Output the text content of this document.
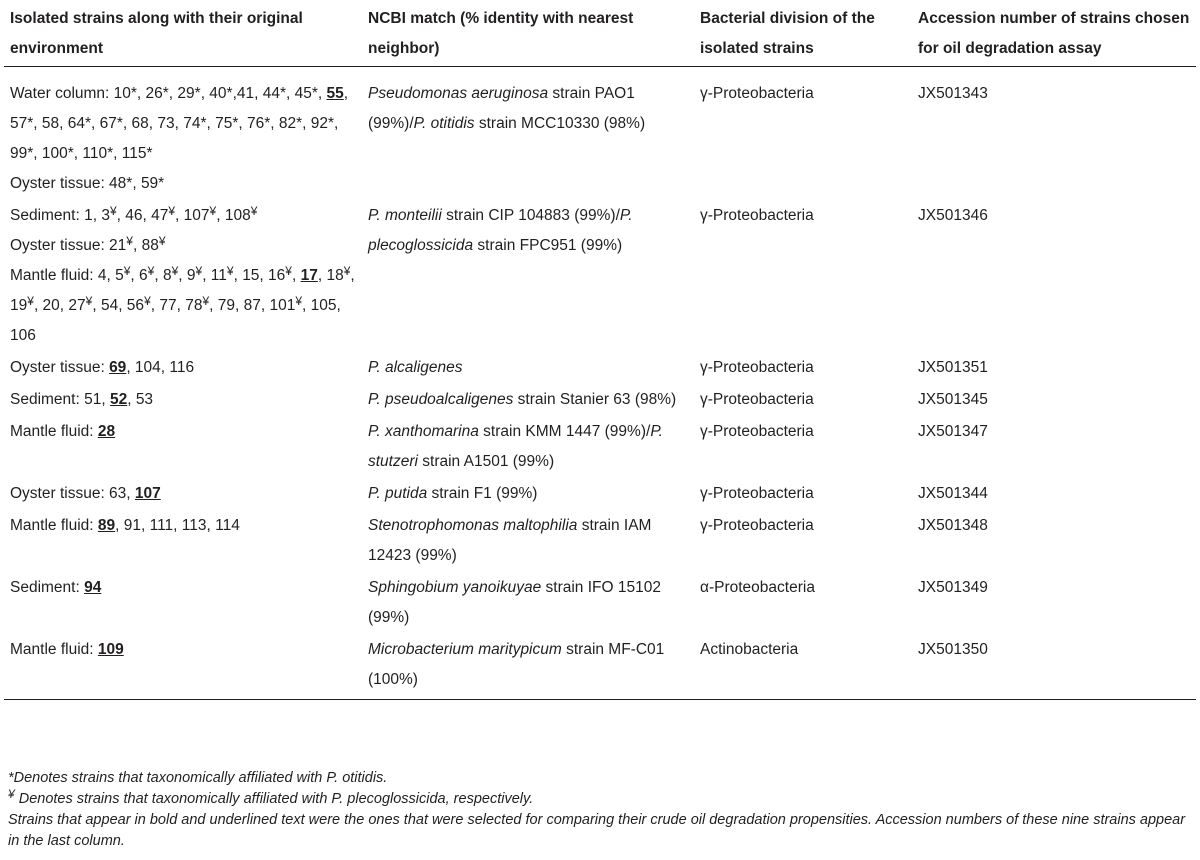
Isolated strains along with their original environment	NCBI match (% identity with nearest neighbor)	Bacterial division of the isolated strains	Accession number of strains chosen for oil degradation assay

Water column: 10*, 26*, 29*, 40*,41, 44*, 45*, 55, 57*, 58, 64*, 67*, 68, 73, 74*, 75*, 76*, 82*, 92*, 99*, 100*, 110*, 115*
Oyster tissue: 48*, 59*	Pseudomonas aeruginosa strain PAO1 (99%)/P. otitidis strain MCC10330 (98%)	γ-Proteobacteria	JX501343

Sediment: 1, 3¥, 46, 47¥, 107¥, 108¥
Oyster tissue: 21¥, 88¥
Mantle fluid: 4, 5¥, 6¥, 8¥, 9¥, 11¥, 15, 16¥, 17, 18¥, 19¥, 20, 27¥, 54, 56¥, 77, 78¥, 79, 87, 101¥, 105, 106	P. monteilii strain CIP 104883 (99%)/P. plecoglossicida strain FPC951 (99%)	γ-Proteobacteria	JX501346

Oyster tissue: 69, 104, 116	P. alcaligenes	γ-Proteobacteria	JX501351

Sediment: 51, 52, 53	P. pseudoalcaligenes strain Stanier 63 (98%)	γ-Proteobacteria	JX501345

Mantle fluid: 28	P. xanthomarina strain KMM 1447 (99%)/P. stutzeri strain A1501 (99%)	γ-Proteobacteria	JX501347

Oyster tissue: 63, 107	P. putida strain F1 (99%)	γ-Proteobacteria	JX501344

Mantle fluid: 89, 91, 111, 113, 114	Stenotrophomonas maltophilia strain IAM 12423 (99%)	γ-Proteobacteria	JX501348

Sediment: 94	Sphingobium yanoikuyae strain IFO 15102 (99%)	α-Proteobacteria	JX501349

Mantle fluid: 109	Microbacterium maritypicum strain MF-C01 (100%)	Actinobacteria	JX501350
*Denotes strains that taxonomically affiliated with P. otitidis.
¥ Denotes strains that taxonomically affiliated with P. plecoglossicida, respectively.
Strains that appear in bold and underlined text were the ones that were selected for comparing their crude oil degradation propensities. Accession numbers of these nine strains appear in the last column.
